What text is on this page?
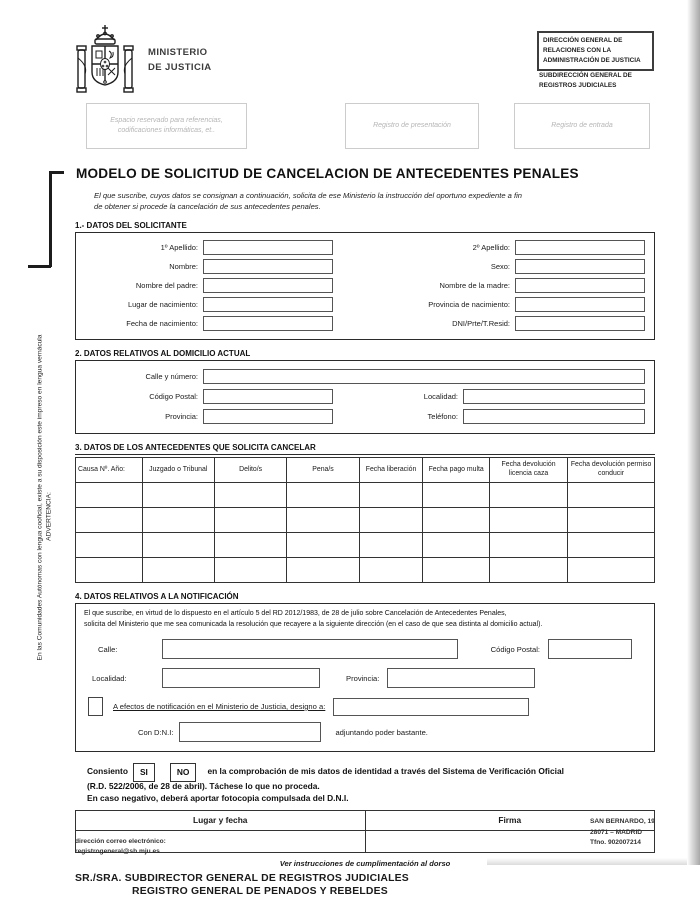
ADVERTENCIA:
En las Comunidades Autónomas con lengua cooficial, existe a su disposición este impreso en lengua vernácula
MINISTERIO
DE JUSTICIA
DIRECCIÓN GENERAL DE RELACIONES CON LA ADMINISTRACIÓN DE JUSTICIA
SUBDIRECCIÓN GENERAL DE REGISTROS JUDICIALES
Espacio reservado para referencias, codificaciones informáticas, et..
Registro de presentación	Registro de entrada
MODELO DE SOLICITUD DE CANCELACION DE ANTECEDENTES PENALES
El que suscribe, cuyos datos se consignan a continuación, solicita de ese Ministerio la instrucción del oportuno expediente a fin
de obtener si procede la cancelación de sus antecedentes penales.
1.- DATOS DEL SOLICITANTE
1º Apellido:	2º Apellido:
Nombre:	Sexo:
Nombre del padre:	Nombre de la madre:
Lugar de nacimiento:	Provincia de nacimiento:
Fecha de nacimiento:	DNI/Prte/T.Resid:
2. DATOS RELATIVOS AL DOMICILIO ACTUAL
Calle y número:
Código Postal:	Localidad:
Provincia:	Teléfono:
3. DATOS DE LOS ANTECEDENTES QUE SOLICITA CANCELAR
Causa Nº. Año:	Juzgado o Tribunal	Delito/s	Pena/s	Fecha liberación	Fecha pago multa	Fecha devolución licencia caza	Fecha devolución permiso conducir

4. DATOS RELATIVOS A LA NOTIFICACIÓN
El que suscribe, en virtud de lo dispuesto en el artículo 5 del RD 2012/1983, de 28 de julio sobre Cancelación de Antecedentes Penales,
solicita del Ministerio que me sea comunicada la resolución que recayere a la siguiente dirección (en el caso de que sea distinta al domicilio actual).
Calle:	Código Postal:
Localidad:	Provincia:
A efectos de notificación en el Ministerio de Justicia, designo a:
Con D:N.I:	adjuntando poder bastante.
Consiento	SI	NO	en la comprobación de mis datos de identidad a través del Sistema de Verificación Oficial
(R.D. 522/2006, de 28 de abril). Táchese lo que no proceda.
En caso negativo, deberá aportar fotocopia compulsada del D.N.I.
Lugar y fecha	Firma

Ver instrucciones de cumplimentación al dorso
SR./SRA. SUBDIRECTOR GENERAL DE REGISTROS JUDICIALES
REGISTRO GENERAL DE PENADOS Y REBELDES
SAN BERNARDO, 19
28071 – MADRID
Tfno. 902007214
dirección correo electrónico:
registrogeneral@sb.mju.es
